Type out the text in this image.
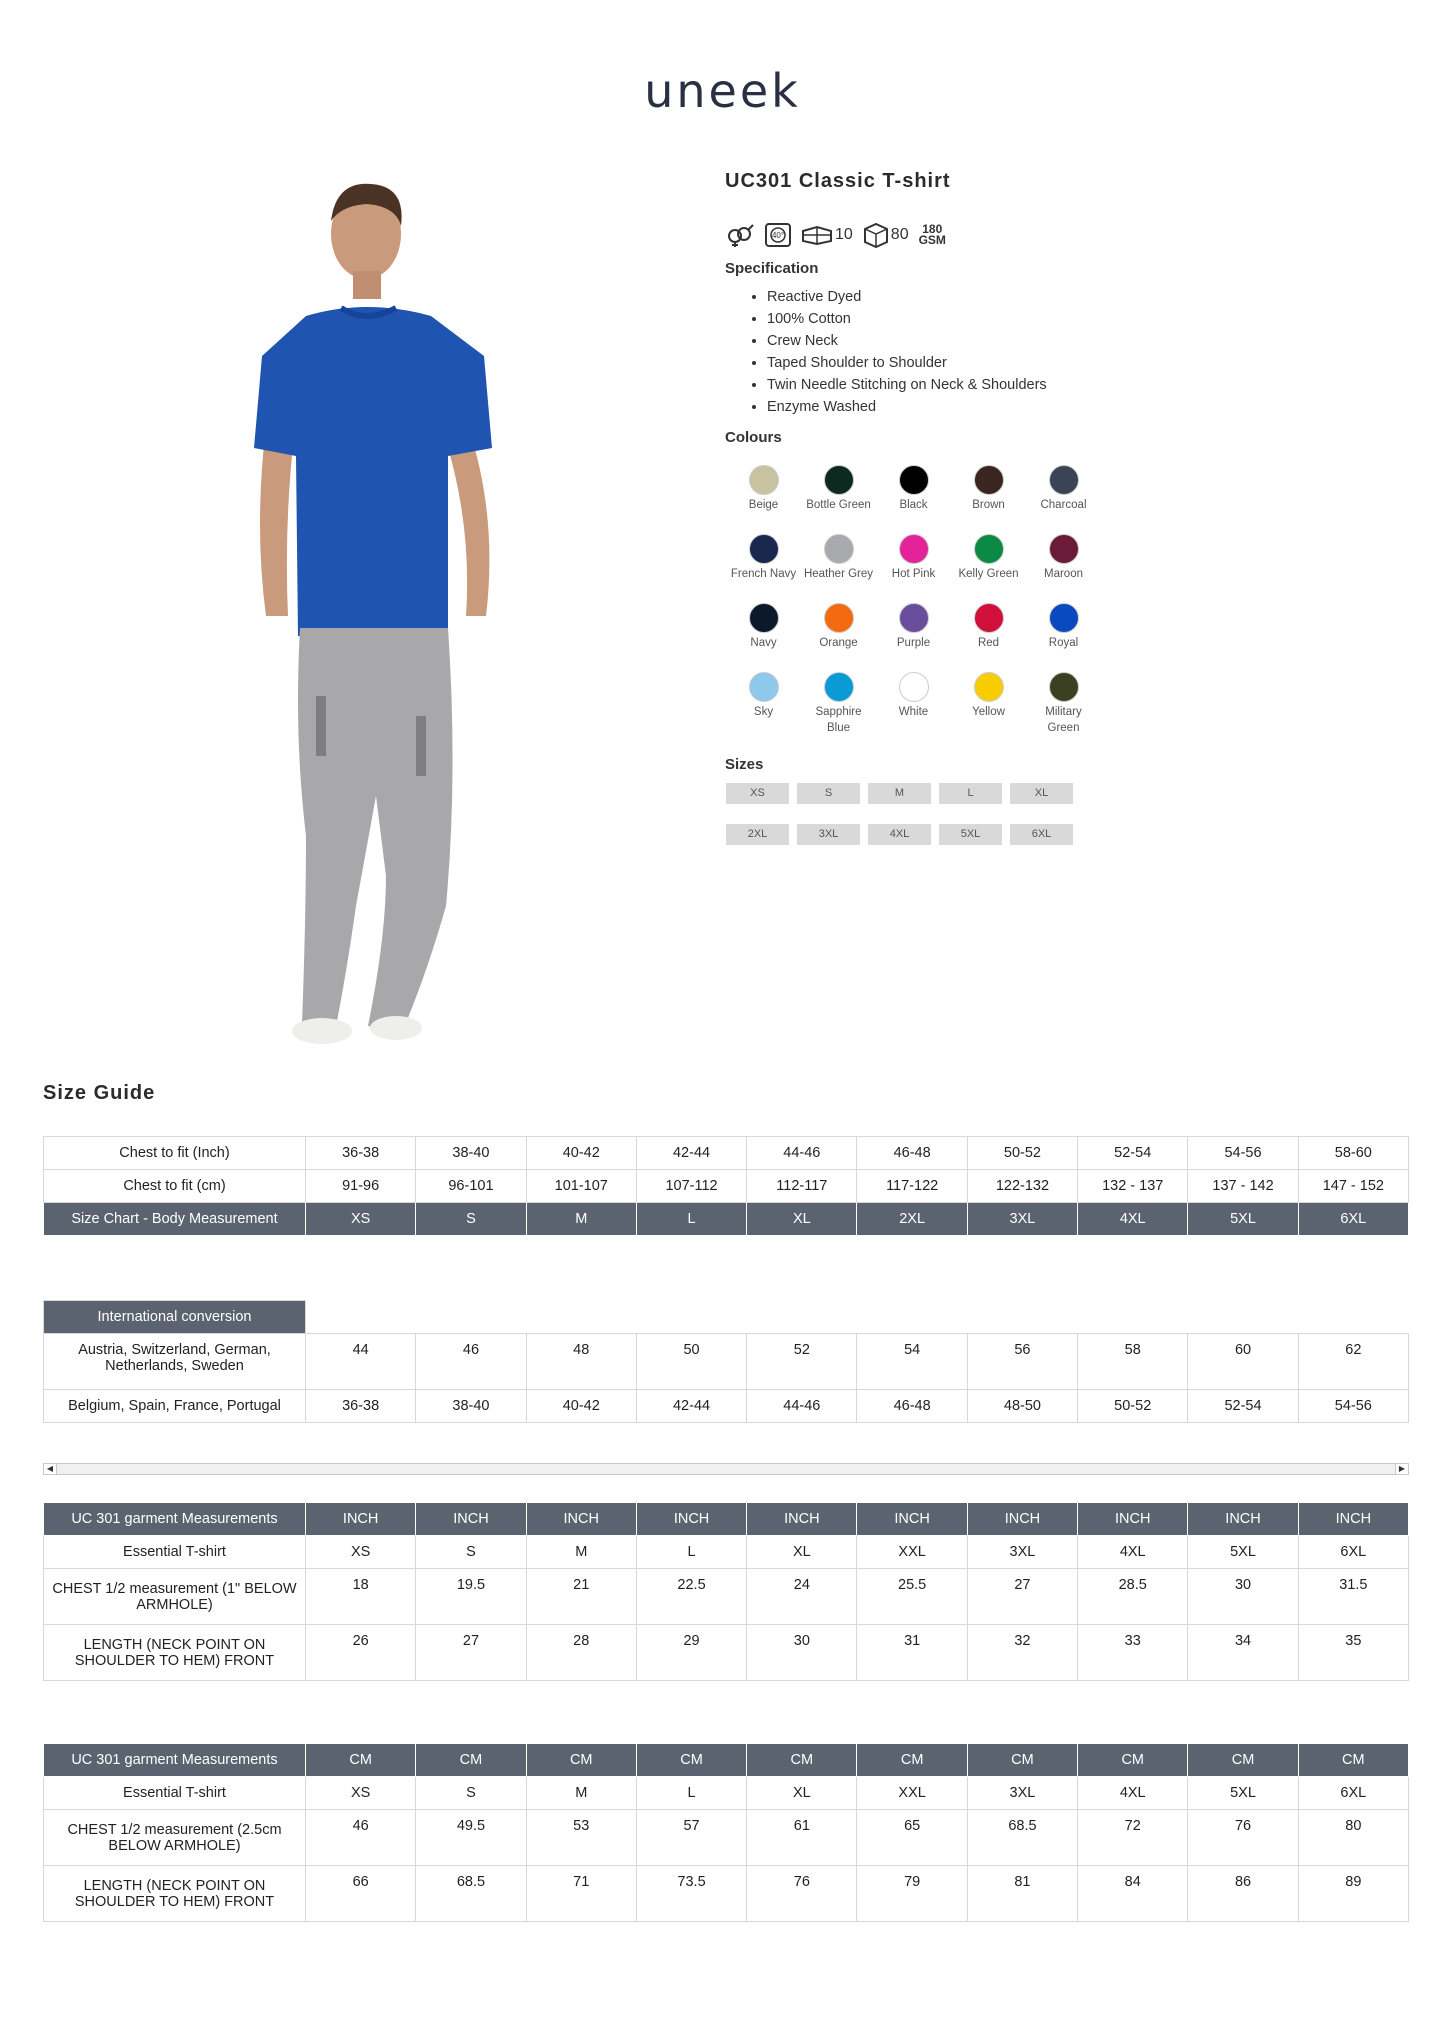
uneek
UC301 Classic T-shirt
40°	10 80	180
GSM
Specification
• Reactive Dyed
• 100% Cotton
• Crew Neck
• Taped Shoulder to Shoulder
• Twin Needle Stitching on Neck & Shoulders
• Enzyme Washed
Colours
Beige	Bottle Green	Black	Brown	Charcoal
French Navy Heather Grey	Hot Pink	Kelly Green	Maroon
Navy	Orange	Purple	Red	Royal
Sky	Sapphire Blue
White	Yellow	Military Green
Sizes
XS	S	M	L	XL
2XL	3XL	4XL	5XL	6XL
Size Guide
Chest to fit (Inch)	36-38	38-40	40-42	42-44	44-46	46-48	50-52	52-54	54-56	58-60
Chest to fit (cm)	91-96	96-101	101-107	107-112	112-117	117-122	122-132	132 - 137	137 - 142	147 - 152
Size Chart - Body Measurement	XS	S	M	L	XL	2XL	3XL	4XL	5XL	6XL
International conversion										
Austria, Switzerland, German, Netherlands, Sweden	44	46	48	50	52	54	56	58	60	62
Belgium, Spain, France, Portugal	36-38	38-40	40-42	42-44	44-46	46-48	48-50	50-52	52-54	54-56
◀	▶
UC 301 garment Measurements	INCH	INCH	INCH	INCH	INCH	INCH	INCH	INCH	INCH	INCH
Essential T-shirt	XS	S	M	L	XL	XXL	3XL	4XL	5XL	6XL
CHEST 1/2 measurement (1" BELOW ARMHOLE)	18	19.5	21	22.5	24	25.5	27	28.5	30	31.5
LENGTH (NECK POINT ON SHOULDER TO HEM) FRONT	26	27	28	29	30	31	32	33	34	35
UC 301 garment Measurements	CM	CM	CM	CM	CM	CM	CM	CM	CM	CM
Essential T-shirt	XS	S	M	L	XL	XXL	3XL	4XL	5XL	6XL
CHEST 1/2 measurement (2.5cm BELOW ARMHOLE)	46	49.5	53	57	61	65	68.5	72	76	80
LENGTH (NECK POINT ON SHOULDER TO HEM) FRONT	66	68.5	71	73.5	76	79	81	84	86	89
